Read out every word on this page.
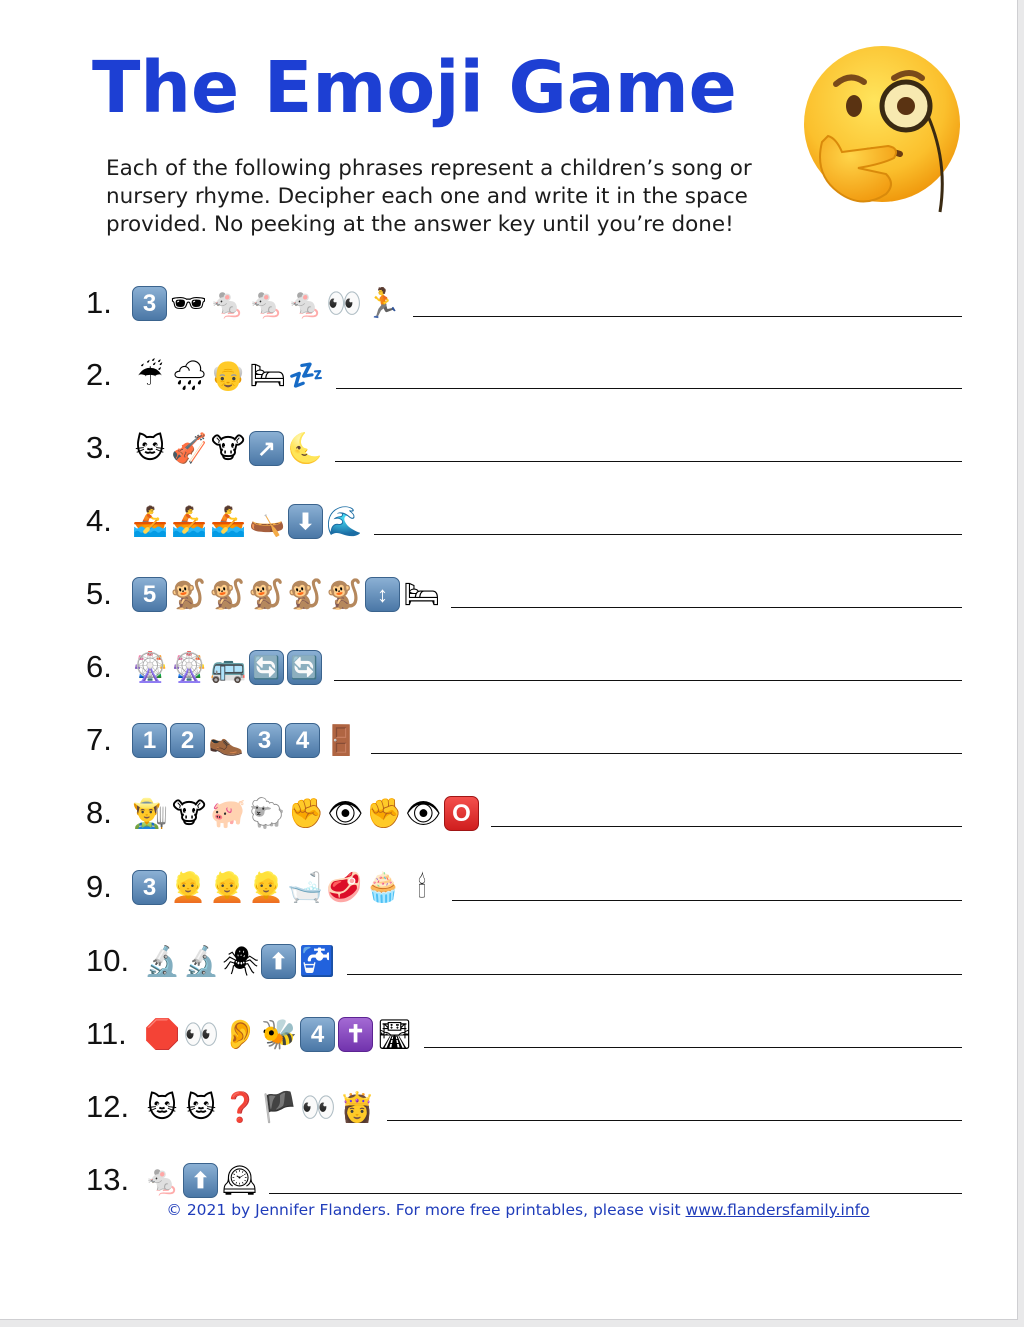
The Emoji Game

Each of the following phrases represent a children’s song or nursery rhyme. Decipher each one and write it in the space provided. No peeking at the answer key until you’re done!

1.	3 🕶 🐁 🐁 🐁 👀 🏃
2. ☔ 🌧 👴 🛏 💤
3. 🐱 🎻 🐮 ↗ 🌜
4. 🚣 🚣 🚣 🛶 ⬇ 🌊
5.	5 🐒 🐒 🐒 🐒 🐒 ↕ 🛏
6. 🎡 🎡 🚌 🔄 🔄
7.	1	2 👞 3	4 🚪
8. 👨‍🌾 🐮 🐖 🐑 ✊ 👁 ✊ 👁 O
9.	3 👱 👱 👱 🛁 🥩 🧁 🕯
10. 🔬 🔬 🕷 ⬆ 🚰
11. 🛑 👀 👂 🐝 4 ✝ 🛣
12. 🐱 🐱 ❓ 🏴 👀 👸
13. 🐁 ⬆ 🕰
© 2021 by Jennifer Flanders. For more free printables, please visit www.flandersfamily.info
